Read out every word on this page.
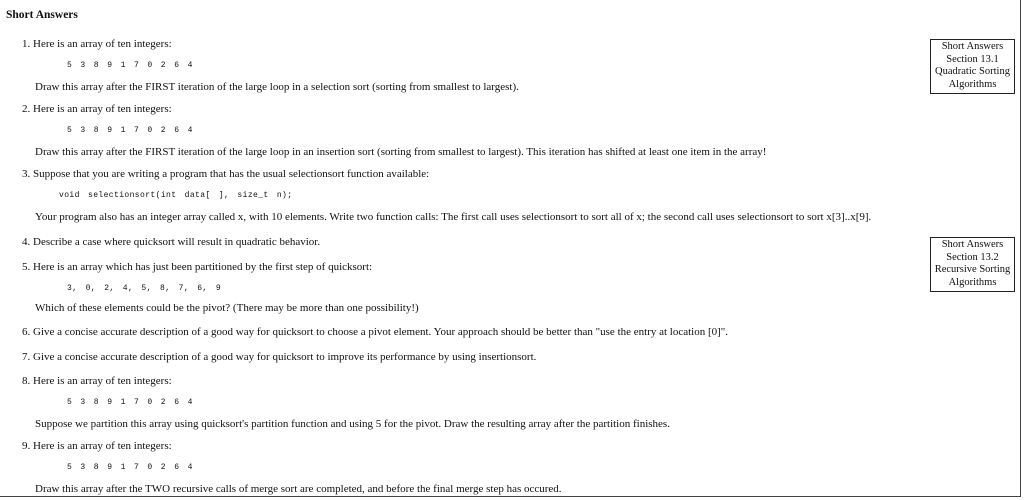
Short Answers
1. Here is an array of ten integers:
5 3 8 9 1 7 0 2 6 4
Draw this array after the FIRST iteration of the large loop in a selection sort (sorting from smallest to largest).
2. Here is an array of ten integers:
5 3 8 9 1 7 0 2 6 4
Draw this array after the FIRST iteration of the large loop in an insertion sort (sorting from smallest to largest). This iteration has shifted at least one item in the array!
3. Suppose that you are writing a program that has the usual selectionsort function available:
void selectionsort(int data[ ], size_t n);
Your program also has an integer array called x, with 10 elements. Write two function calls: The first call uses selectionsort to sort all of x; the second call uses selectionsort to sort x[3]..x[9].
4. Describe a case where quicksort will result in quadratic behavior.
5. Here is an array which has just been partitioned by the first step of quicksort:
3, 0, 2, 4, 5, 8, 7, 6, 9
Which of these elements could be the pivot? (There may be more than one possibility!)
6. Give a concise accurate description of a good way for quicksort to choose a pivot element. Your approach should be better than "use the entry at location [0]".
7. Give a concise accurate description of a good way for quicksort to improve its performance by using insertionsort.
8. Here is an array of ten integers:
5 3 8 9 1 7 0 2 6 4
Suppose we partition this array using quicksort's partition function and using 5 for the pivot. Draw the resulting array after the partition finishes.
9. Here is an array of ten integers:
5 3 8 9 1 7 0 2 6 4
Draw this array after the TWO recursive calls of merge sort are completed, and before the final merge step has occured.
Short Answers
Section 13.1
Quadratic Sorting
Algorithms
Short Answers
Section 13.2
Recursive Sorting
Algorithms
